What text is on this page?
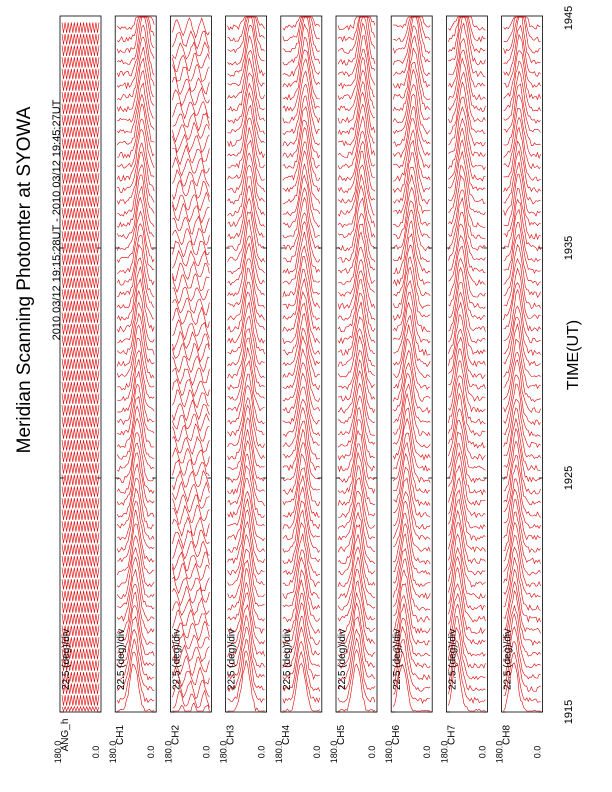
Meridian Scanning Photomter at SYOWA 2010 03/12 19:15:28UT - 2010 03/12 19:45:27UT
TIME(UT)
1915
1925
1935
1945
22.5 (deg)/div
ANG_h
180.0	0.0
22.5 (deg)/div
CH1
180.0	0.0
22.5 (deg)/div
CH2
180.0	0.0
22.5 (deg)/div
CH3
180.0	0.0
22.5 (deg)/div
CH4
180.0	0.0
22.5 (deg)/div
CH5
180.0	0.0
22.5 (deg)/div
CH6
180.0	0.0
22.5 (deg)/div
CH7
180.0	0.0
22.5 (deg)/div
CH8
180.0	0.0
